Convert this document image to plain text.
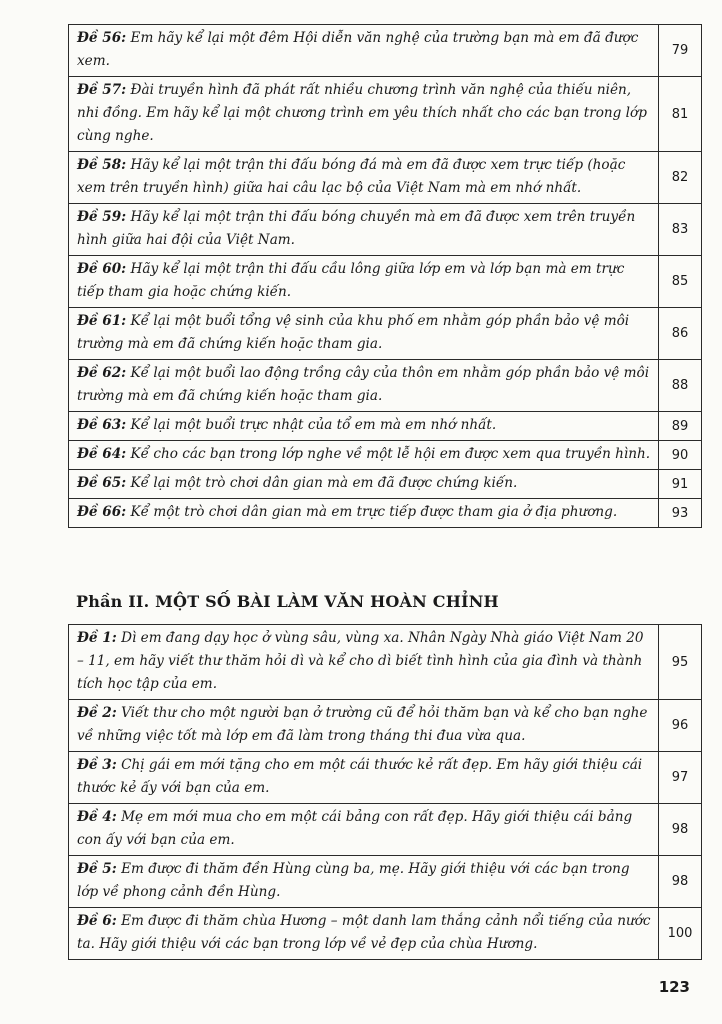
Đề 56: Em hãy kể lại một đêm Hội diễn văn nghệ của trường bạn mà em đã được xem.	79
Đề 57: Đài truyền hình đã phát rất nhiều chương trình văn nghệ của thiếu niên, nhi đồng. Em hãy kể lại một chương trình em yêu thích nhất cho các bạn trong lớp cùng nghe.	81
Đề 58: Hãy kể lại một trận thi đấu bóng đá mà em đã được xem trực tiếp (hoặc xem trên truyền hình) giữa hai câu lạc bộ của Việt Nam mà em nhớ nhất.	82
Đề 59: Hãy kể lại một trận thi đấu bóng chuyền mà em đã được xem trên truyền hình giữa hai đội của Việt Nam.	83
Đề 60: Hãy kể lại một trận thi đấu cầu lông giữa lớp em và lớp bạn mà em trực tiếp tham gia hoặc chứng kiến.	85
Đề 61: Kể lại một buổi tổng vệ sinh của khu phố em nhằm góp phần bảo vệ môi trường mà em đã chứng kiến hoặc tham gia.	86
Đề 62: Kể lại một buổi lao động trồng cây của thôn em nhằm góp phần bảo vệ môi trường mà em đã chứng kiến hoặc tham gia.	88
Đề 63: Kể lại một buổi trực nhật của tổ em mà em nhớ nhất.	89
Đề 64: Kể cho các bạn trong lớp nghe về một lễ hội em được xem qua truyền hình.	90
Đề 65: Kể lại một trò chơi dân gian mà em đã được chứng kiến.	91
Đề 66: Kể một trò chơi dân gian mà em trực tiếp được tham gia ở địa phương.	93
Phần II. MỘT SỐ BÀI LÀM VĂN HOÀN CHỈNH
Đề 1: Dì em đang dạy học ở vùng sâu, vùng xa. Nhân Ngày Nhà giáo Việt Nam 20 – 11, em hãy viết thư thăm hỏi dì và kể cho dì biết tình hình của gia đình và thành tích học tập của em.	95
Đề 2: Viết thư cho một người bạn ở trường cũ để hỏi thăm bạn và kể cho bạn nghe về những việc tốt mà lớp em đã làm trong tháng thi đua vừa qua.	96
Đề 3: Chị gái em mới tặng cho em một cái thước kẻ rất đẹp. Em hãy giới thiệu cái thước kẻ ấy với bạn của em.	97
Đề 4: Mẹ em mới mua cho em một cái bảng con rất đẹp. Hãy giới thiệu cái bảng con ấy với bạn của em.	98
Đề 5: Em được đi thăm đền Hùng cùng ba, mẹ. Hãy giới thiệu với các bạn trong lớp về phong cảnh đền Hùng.	98
Đề 6: Em được đi thăm chùa Hương – một danh lam thắng cảnh nổi tiếng của nước ta. Hãy giới thiệu với các bạn trong lớp về vẻ đẹp của chùa Hương.	100
123
